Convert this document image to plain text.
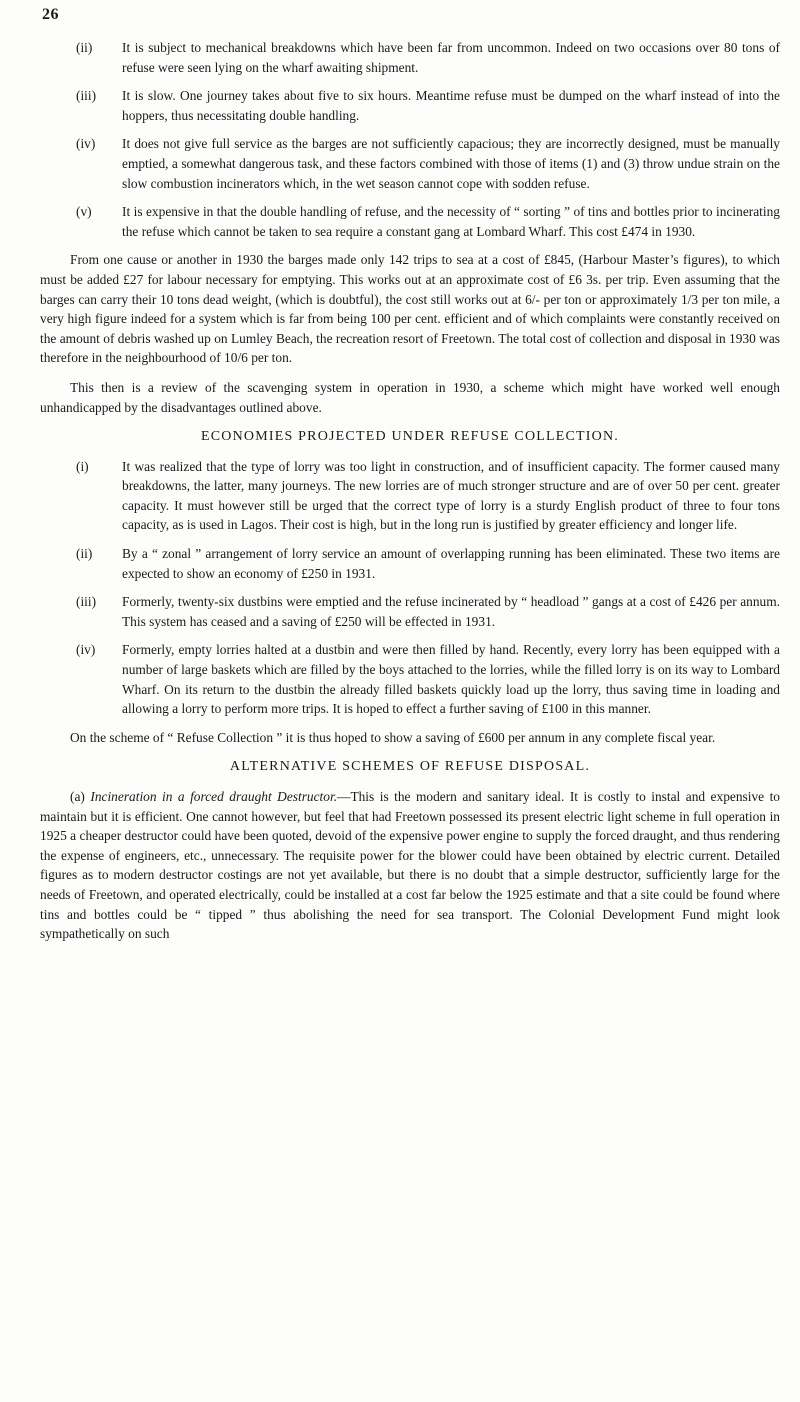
26
(ii)	It is subject to mechanical breakdowns which have been far from uncommon. Indeed on two occasions over 80 tons of refuse were seen lying on the wharf awaiting shipment.
(iii)	It is slow. One journey takes about five to six hours. Meantime refuse must be dumped on the wharf instead of into the hoppers, thus necessitating double handling.
(iv)	It does not give full service as the barges are not sufficiently capacious; they are incorrectly designed, must be manually emptied, a somewhat dangerous task, and these factors combined with those of items (1) and (3) throw undue strain on the slow combustion incinerators which, in the wet season cannot cope with sodden refuse.
(v)	It is expensive in that the double handling of refuse, and the necessity of “ sorting ” of tins and bottles prior to incinerating the refuse which cannot be taken to sea require a constant gang at Lombard Wharf. This cost £474 in 1930.

From one cause or another in 1930 the barges made only 142 trips to sea at a cost of £845, (Harbour Master’s figures), to which must be added £27 for labour necessary for emptying. This works out at an approximate cost of £6 3s. per trip. Even assuming that the barges can carry their 10 tons dead weight, (which is doubtful), the cost still works out at 6/- per ton or approximately 1/3 per ton mile, a very high figure indeed for a system which is far from being 100 per cent. efficient and of which complaints were constantly received on the amount of debris washed up on Lumley Beach, the recreation resort of Freetown. The total cost of collection and disposal in 1930 was therefore in the neighbourhood of 10/6 per ton.

This then is a review of the scavenging system in operation in 1930, a scheme which might have worked well enough unhandicapped by the disadvantages outlined above.

ECONOMIES PROJECTED UNDER REFUSE COLLECTION.
(i)	It was realized that the type of lorry was too light in construction, and of insufficient capacity. The former caused many breakdowns, the latter, many journeys. The new lorries are of much stronger structure and are of over 50 per cent. greater capacity. It must however still be urged that the correct type of lorry is a sturdy English product of three to four tons capacity, as is used in Lagos. Their cost is high, but in the long run is justified by greater efficiency and longer life.
(ii)	By a “ zonal ” arrangement of lorry service an amount of overlapping running has been eliminated. These two items are expected to show an economy of £250 in 1931.
(iii)	Formerly, twenty-six dustbins were emptied and the refuse incinerated by “ headload ” gangs at a cost of £426 per annum. This system has ceased and a saving of £250 will be effected in 1931.
(iv)	Formerly, empty lorries halted at a dustbin and were then filled by hand. Recently, every lorry has been equipped with a number of large baskets which are filled by the boys attached to the lorries, while the filled lorry is on its way to Lombard Wharf. On its return to the dustbin the already filled baskets quickly load up the lorry, thus saving time in loading and allowing a lorry to perform more trips. It is hoped to effect a further saving of £100 in this manner.

On the scheme of “ Refuse Collection ” it is thus hoped to show a saving of £600 per annum in any complete fiscal year.

ALTERNATIVE SCHEMES OF REFUSE DISPOSAL.

(a) Incineration in a forced draught Destructor.—This is the modern and sanitary ideal. It is costly to instal and expensive to maintain but it is efficient. One cannot however, but feel that had Freetown possessed its present electric light scheme in full operation in 1925 a cheaper destructor could have been quoted, devoid of the expensive power engine to supply the forced draught, and thus rendering the expense of engineers, etc., unnecessary. The requisite power for the blower could have been obtained by electric current. Detailed figures as to modern destructor costings are not yet available, but there is no doubt that a simple destructor, sufficiently large for the needs of Freetown, and operated electrically, could be installed at a cost far below the 1925 estimate and that a site could be found where tins and bottles could be “ tipped ” thus abolishing the need for sea transport. The Colonial Development Fund might look sympathetically on such
